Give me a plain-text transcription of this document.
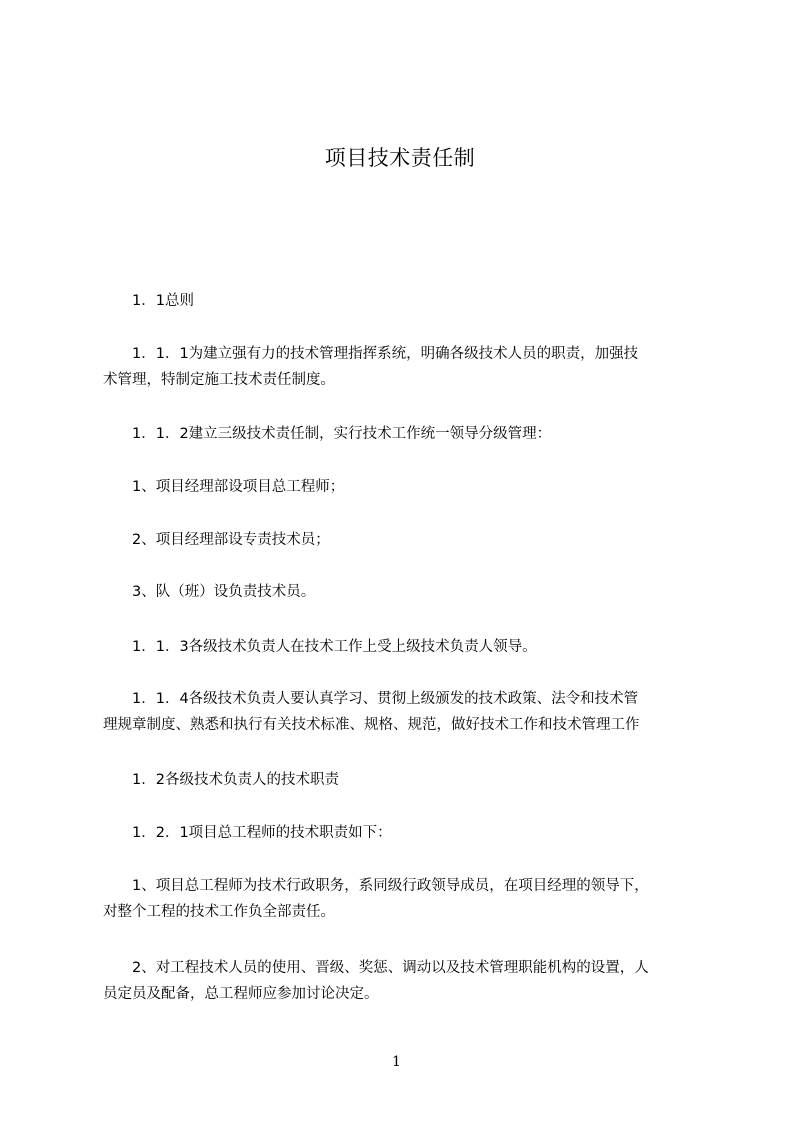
项目技术责任制
　　1．1总则
　　1．1．1为建立强有力的技术管理指挥系统，明确各级技术人员的职责，加强技
术管理，特制定施工技术责任制度。
　　1．1．2建立三级技术责任制，实行技术工作统一领导分级管理：
　　1、项目经理部设项目总工程师；
　　2、项目经理部设专责技术员；
　　3、队（班）设负责技术员。
　　1．1．3各级技术负责人在技术工作上受上级技术负责人领导。
　　1．1．4各级技术负责人要认真学习、贯彻上级颁发的技术政策、法令和技术管
理规章制度、熟悉和执行有关技术标准、规格、规范，做好技术工作和技术管理工作
　　1．2各级技术负责人的技术职责
　　1．2．1项目总工程师的技术职责如下：
　　1、项目总工程师为技术行政职务，系同级行政领导成员，在项目经理的领导下，
对整个工程的技术工作负全部责任。
　　2、对工程技术人员的使用、晋级、奖惩、调动以及技术管理职能机构的设置，人
员定员及配备，总工程师应参加讨论决定。
1
